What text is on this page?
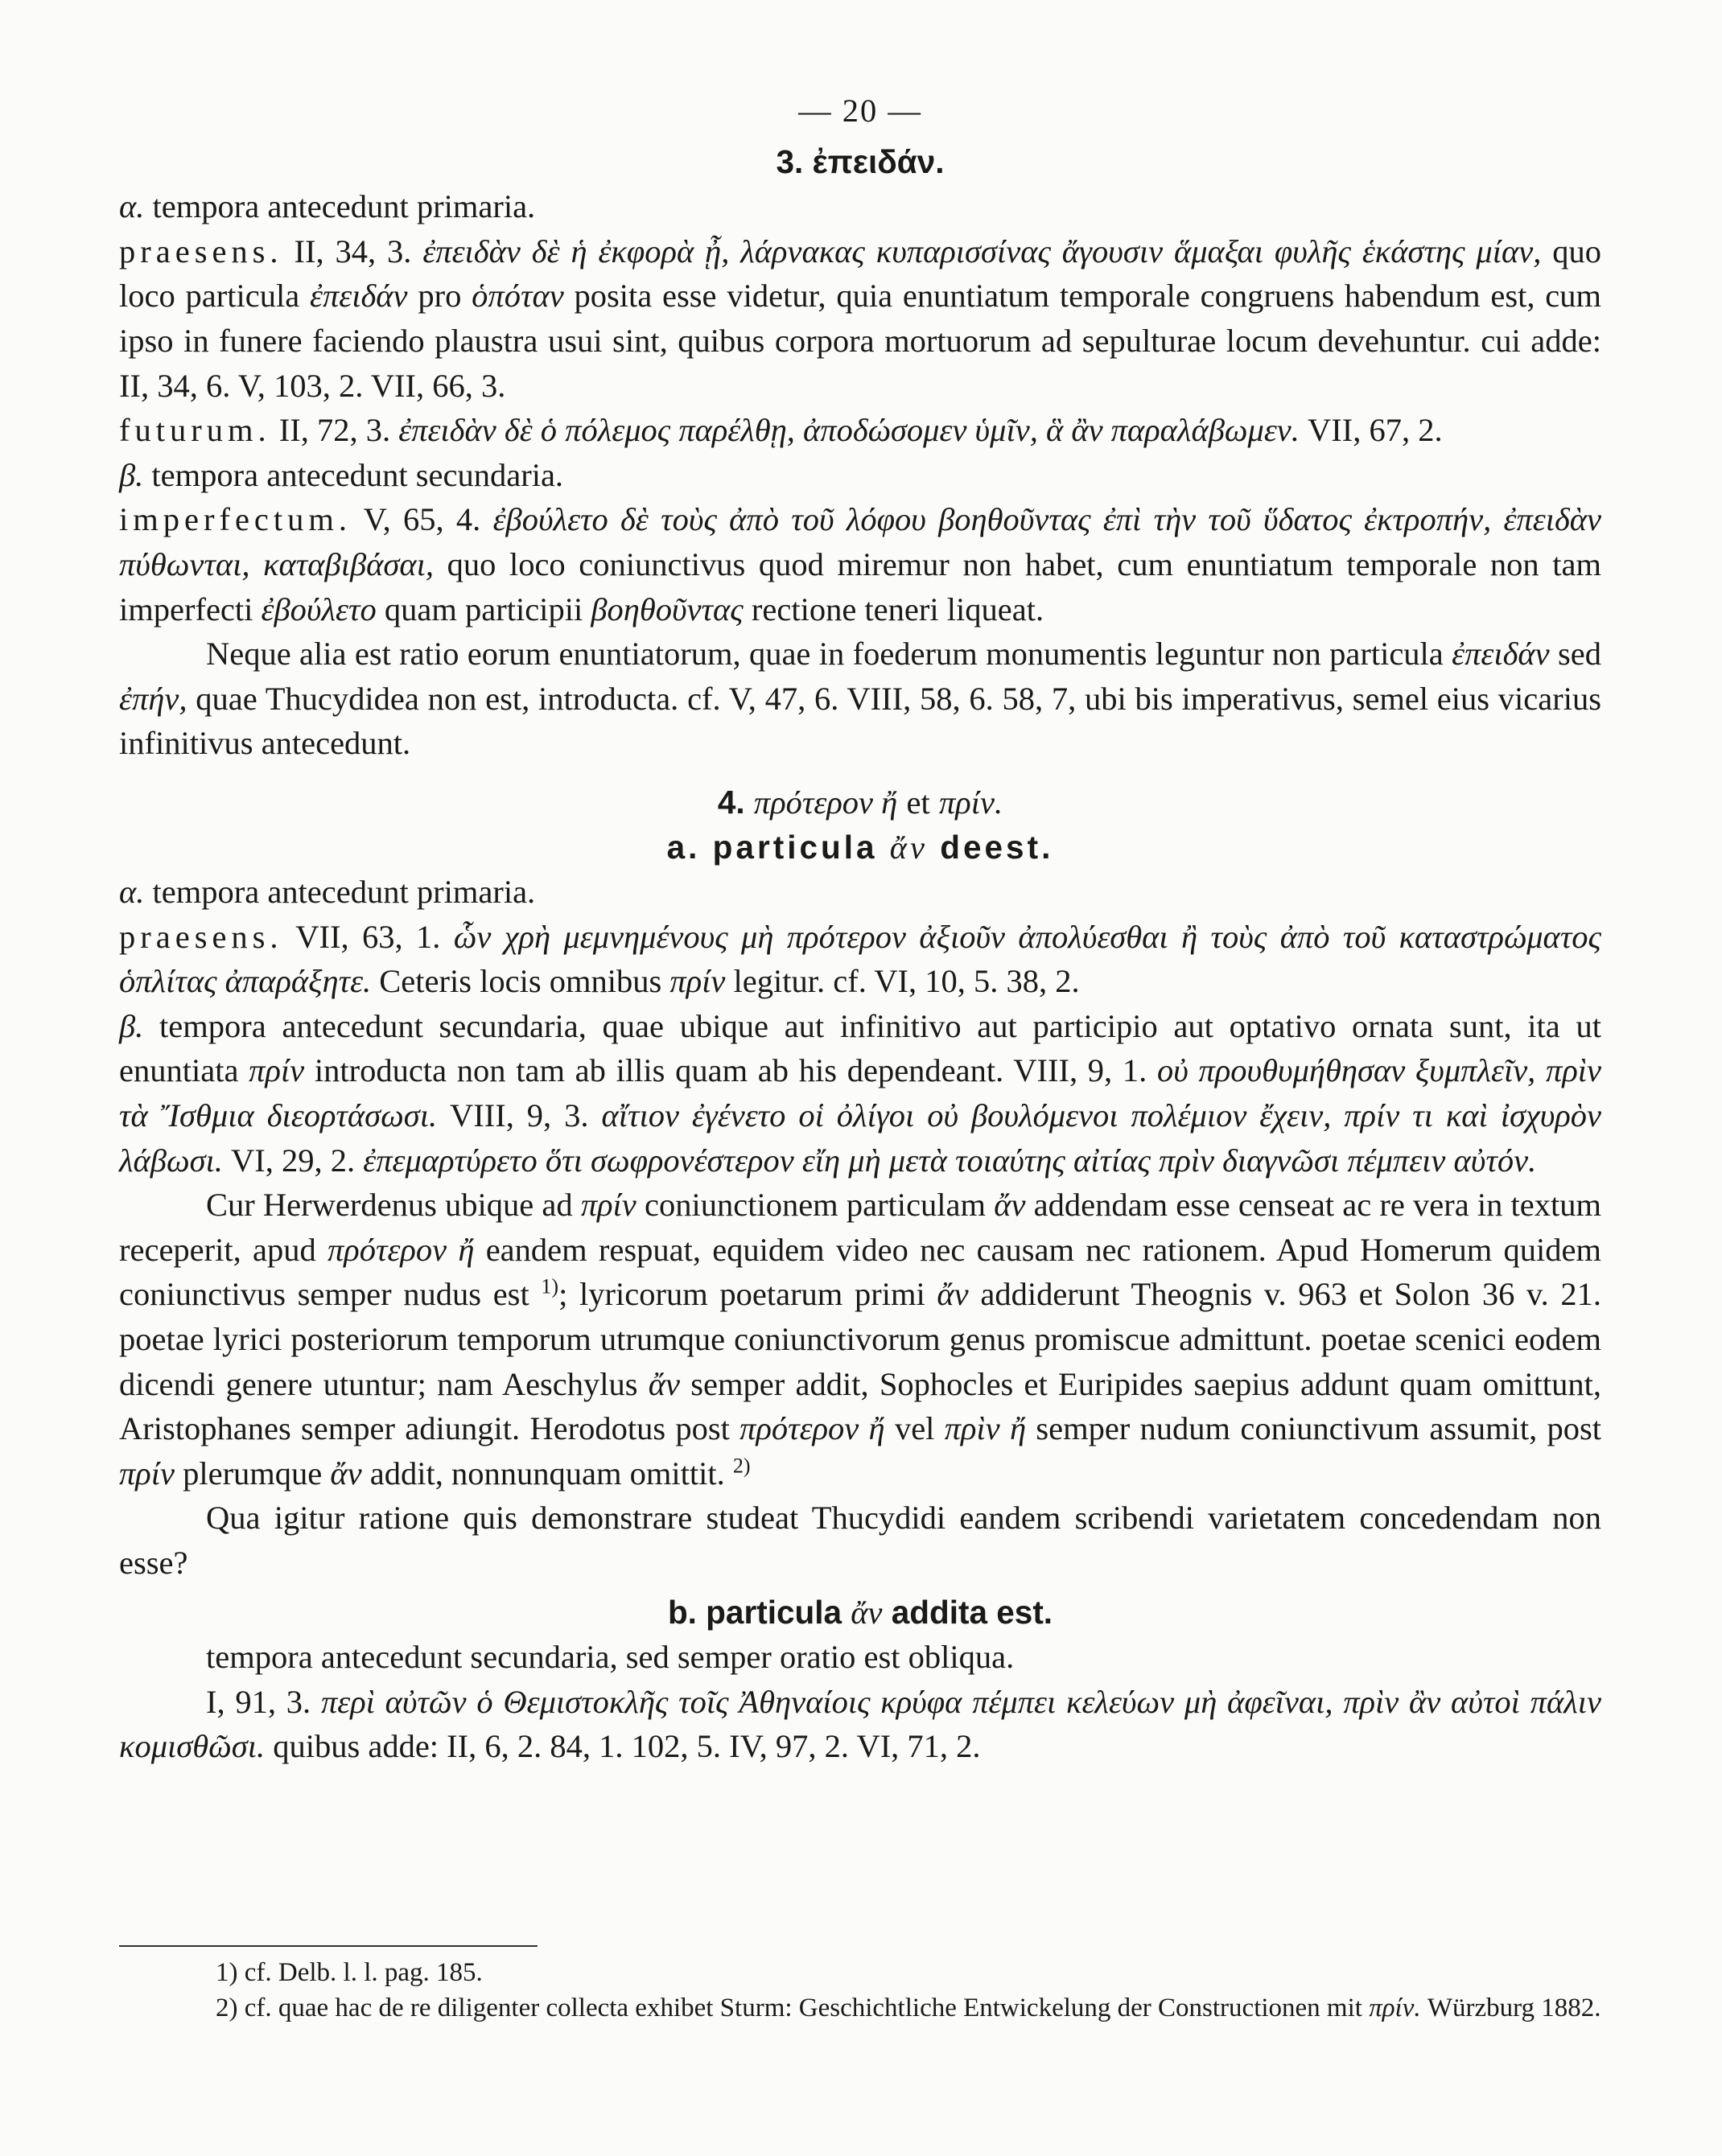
— 20 —

3. ἐπειδάν.

α. tempora antecedunt primaria.

praesens. II, 34, 3. ἐπειδὰν δὲ ἡ ἐκφορὰ ᾖ, λάρνακας κυπαρισσίνας ἄγουσιν ἅμαξαι φυλῆς ἑκάστης μίαν, quo loco particula ἐπειδάν pro ὁπόταν posita esse videtur, quia enuntiatum temporale congruens habendum est, cum ipso in funere faciendo plaustra usui sint, quibus corpora mortuorum ad sepulturae locum devehuntur. cui adde: II, 34, 6. V, 103, 2. VII, 66, 3.

futurum. II, 72, 3. ἐπειδὰν δὲ ὁ πόλεμος παρέλθῃ, ἀποδώσομεν ὑμῖν, ἃ ἂν παραλάβωμεν. VII, 67, 2.

β. tempora antecedunt secundaria.

imperfectum. V, 65, 4. ἐβούλετο δὲ τοὺς ἀπὸ τοῦ λόφου βοηθοῦντας ἐπὶ τὴν τοῦ ὕδατος ἐκτροπήν, ἐπειδὰν πύθωνται, καταβιβάσαι, quo loco coniunctivus quod miremur non habet, cum enuntiatum temporale non tam imperfecti ἐβούλετο quam participii βοηθοῦντας rectione teneri liqueat.

Neque alia est ratio eorum enuntiatorum, quae in foederum monumentis leguntur non particula ἐπειδάν sed ἐπήν, quae Thucydidea non est, introducta. cf. V, 47, 6. VIII, 58, 6. 58, 7, ubi bis imperativus, semel eius vicarius infinitivus antecedunt.

4. πρότερον ἤ et πρίν.

a. particula ἄν deest.

α. tempora antecedunt primaria.

praesens. VII, 63, 1. ὧν χρὴ μεμνημένους μὴ πρότερον ἀξιοῦν ἀπολύεσθαι ἢ τοὺς ἀπὸ τοῦ καταστρώματος ὁπλίτας ἀπαράξητε. Ceteris locis omnibus πρίν legitur. cf. VI, 10, 5. 38, 2.

β. tempora antecedunt secundaria, quae ubique aut infinitivo aut participio aut optativo ornata sunt, ita ut enuntiata πρίν introducta non tam ab illis quam ab his dependeant. VIII, 9, 1. οὐ προυθυμήθησαν ξυμπλεῖν, πρὶν τὰ Ἴσθμια διεορτάσωσι. VIII, 9, 3. αἴτιον ἐγένετο οἱ ὀλίγοι οὐ βουλόμενοι πολέμιον ἔχειν, πρίν τι καὶ ἰσχυρὸν λάβωσι. VI, 29, 2. ἐπεμαρτύρετο ὅτι σωφρονέστερον εἴη μὴ μετὰ τοιαύτης αἰτίας πρὶν διαγνῶσι πέμπειν αὐτόν.

Cur Herwerdenus ubique ad πρίν coniunctionem particulam ἄν addendam esse censeat ac re vera in textum receperit, apud πρότερον ἤ eandem respuat, equidem video nec causam nec rationem. Apud Homerum quidem coniunctivus semper nudus est $^{1)}$; lyricorum poetarum primi ἄν addiderunt Theognis v. 963 et Solon 36 v. 21. poetae lyrici posteriorum temporum utrumque coniunctivorum genus promiscue admittunt. poetae scenici eodem dicendi genere utuntur; nam Aeschylus ἄν semper addit, Sophocles et Euripides saepius addunt quam omittunt, Aristophanes semper adiungit. Herodotus post πρότερον ἤ vel πρὶν ἤ semper nudum coniunctivum assumit, post πρίν plerumque ἄν addit, nonnunquam omittit. $^{2)}$

Qua igitur ratione quis demonstrare studeat Thucydidi eandem scribendi varietatem concedendam non esse?

b. particula ἄν addita est.

tempora antecedunt secundaria, sed semper oratio est obliqua.

I, 91, 3. περὶ αὐτῶν ὁ Θεμιστοκλῆς τοῖς Ἀθηναίοις κρύφα πέμπει κελεύων μὴ ἀφεῖναι, πρὶν ἂν αὐτοὶ πάλιν κομισθῶσι. quibus adde: II, 6, 2. 84, 1. 102, 5. IV, 97, 2. VI, 71, 2.

1) cf. Delb. l. l. pag. 185.

2) cf. quae hac de re diligenter collecta exhibet Sturm: Geschichtliche Entwickelung der Constructionen mit πρίν. Würzburg 1882.
